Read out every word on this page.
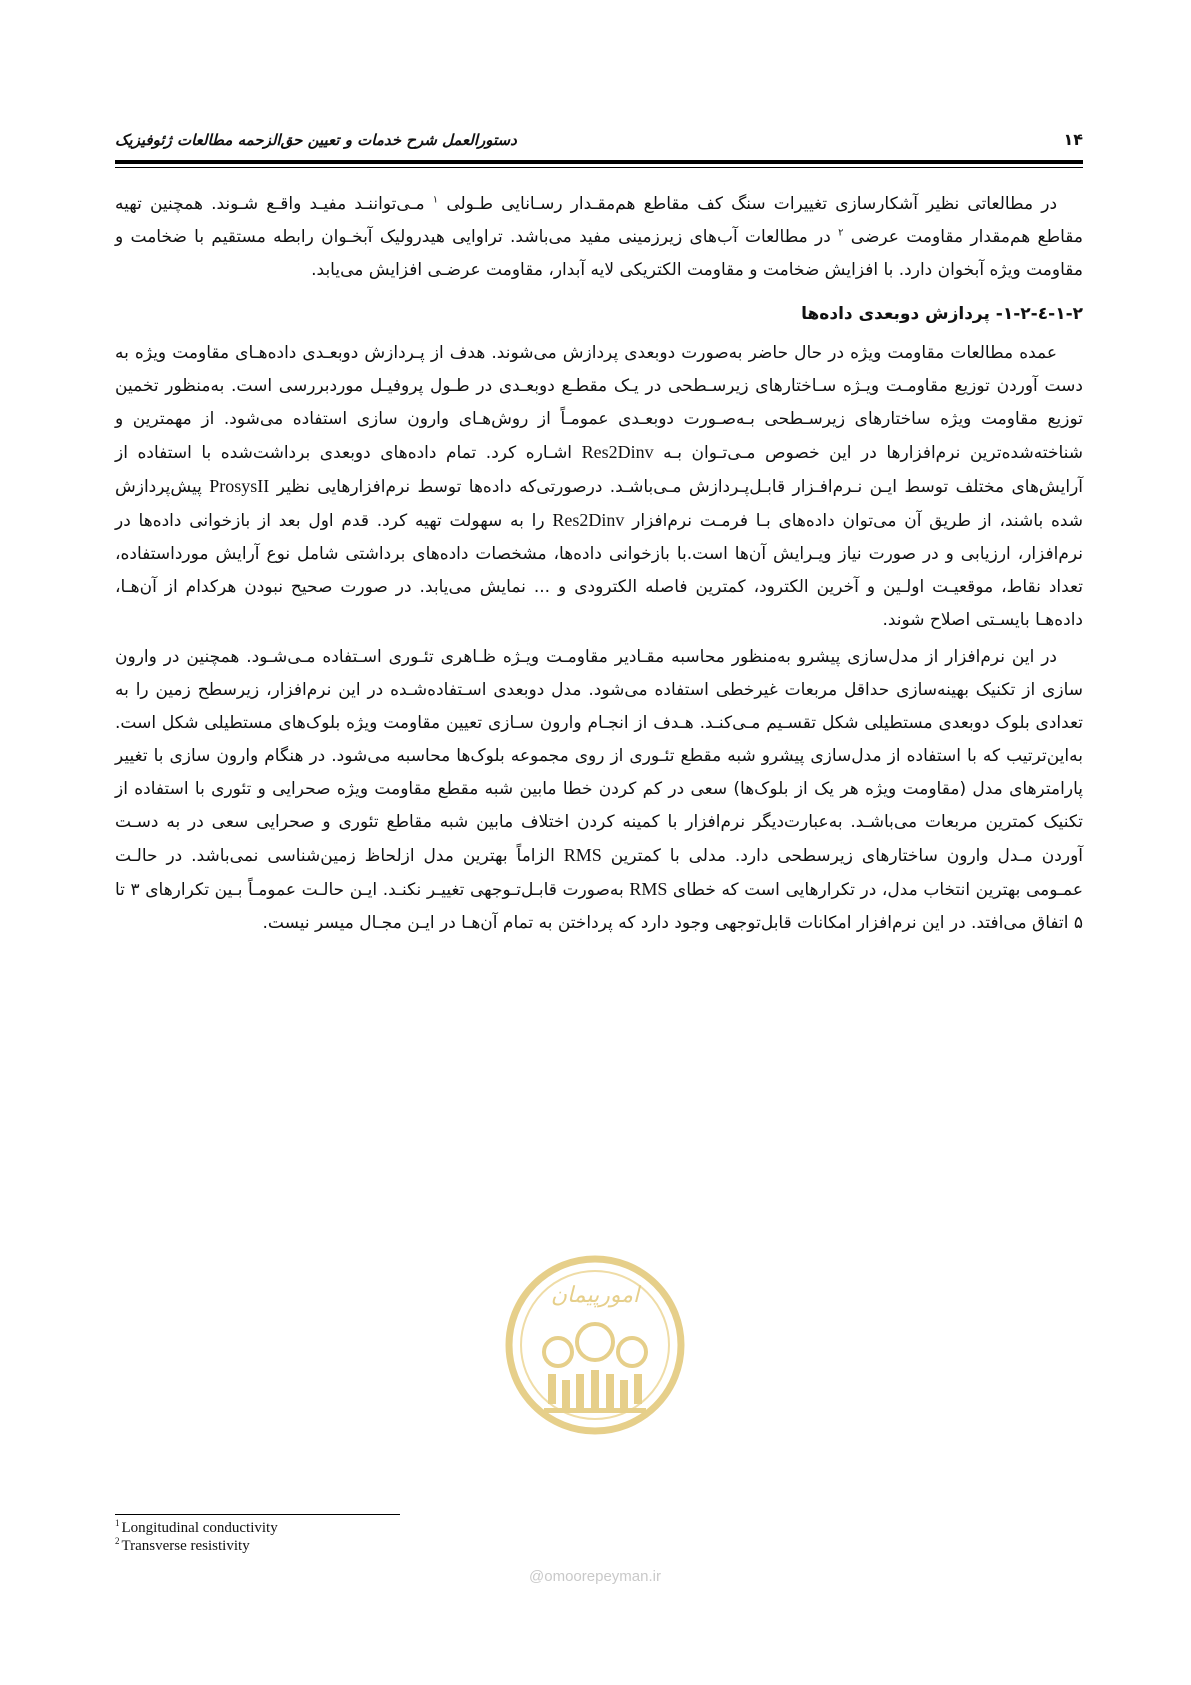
۱۴
دستورالعمل شرح خدمات و تعیین حق‌الزحمه مطالعات ژئوفیزیک

در مطالعاتی نظیر آشکارسازی تغییرات سنگ کف مقاطع هم‌مقـدار رسـانایی طـولی $^۱$ مـی‌تواننـد مفیـد واقـع شـوند. همچنین تهیه مقاطع هم‌مقدار مقاومت عرضی $^۲$ در مطالعات آب‌های زیرزمینی مفید می‌باشد. تراوایی هیدرولیک آبخـوان رابطه مستقیم با ضخامت و مقاومت ویژه آبخوان دارد. با افزایش ضخامت و مقاومت الکتریکی لایه آبدار، مقاومت عرضـی افزایش می‌یابد.

۱-۲-٤-۱-۲- پردازش دوبعدی داده‌ها

عمده مطالعات مقاومت ویژه در حال حاضر به‌صورت دوبعدی پردازش می‌شوند. هدف از پـردازش دوبعـدی داده‌هـای مقاومت ویژه به دست آوردن توزیع مقاومـت ویـژه سـاختارهای زیرسـطحی در یـک مقطـع دوبعـدی در طـول پروفیـل موردبررسی است. به‌منظور تخمین توزیع مقاومت ویژه ساختارهای زیرسـطحی بـه‌صـورت دوبعـدی عمومـاً از روش‌هـای وارون سازی استفاده می‌شود. از مهمترین و شناخته‌شده‌ترین نرم‌افزارها در این خصوص مـی‌تـوان بـه Res2Dinv اشـاره کرد. تمام داده‌های دوبعدی برداشت‌شده با استفاده از آرایش‌های مختلف توسط ایـن نـرم‌افـزار قابـل‌پـردازش مـی‌باشـد. درصورتی‌که داده‌ها توسط نرم‌افزارهایی نظیر ProsysII پیش‌پردازش شده باشند، از طریق آن می‌توان داده‌های بـا فرمـت نرم‌افزار Res2Dinv را به سهولت تهیه کرد. قدم اول بعد از بازخوانی داده‌ها در نرم‌افزار، ارزیابی و در صورت نیاز ویـرایش آن‌ها است.با بازخوانی داده‌ها، مشخصات داده‌های برداشتی شامل نوع آرایش مورداستفاده، تعداد نقاط، موقعیـت اولـین و آخرین الکترود، کمترین فاصله الکترودی و ... نمایش می‌یابد. در صورت صحیح نبودن هرکدام از آن‌هـا، داده‌هـا بایسـتی اصلاح شوند.

در این نرم‌افزار از مدل‌سازی پیشرو به‌منظور محاسبه مقـادیر مقاومـت ویـژه ظـاهری تئـوری اسـتفاده مـی‌شـود. همچنین در وارون سازی از تکنیک بهینه‌سازی حداقل مربعات غیرخطی استفاده می‌شود. مدل دوبعدی اسـتفاده‌شـده در این نرم‌افزار، زیرسطح زمین را به تعدادی بلوک دوبعدی مستطیلی شکل تقسـیم مـی‌کنـد. هـدف از انجـام وارون سـازی تعیین مقاومت ویژه بلوک‌های مستطیلی شکل است. به‌این‌ترتیب که با استفاده از مدل‌سازی پیشرو شبه مقطع تئـوری از روی مجموعه بلوک‌ها محاسبه می‌شود. در هنگام وارون سازی با تغییر پارامترهای مدل (مقاومت ویژه هر یک از بلوک‌ها) سعی در کم کردن خطا مابین شبه مقطع مقاومت ویژه صحرایی و تئوری با استفاده از تکنیک کمترین مربعات می‌باشـد. به‌عبارت‌دیگر نرم‌افزار با کمینه کردن اختلاف مابین شبه مقاطع تئوری و صحرایی سعی در به دسـت آوردن مـدل وارون ساختارهای زیرسطحی دارد. مدلی با کمترین RMS الزاماً بهترین مدل ازلحاظ زمین‌شناسی نمی‌باشد. در حالـت عمـومی بهترین انتخاب مدل، در تکرارهایی است که خطای RMS به‌صورت قابـل‌تـوجهی تغییـر نکنـد. ایـن حالـت عمومـاً بـین تکرارهای ۳ تا ۵ اتفاق می‌افتد. در این نرم‌افزار امکانات قابل‌توجهی وجود دارد که پرداختن به تمام آن‌هـا در ایـن مجـال میسر نیست.

امورپیمان
@omoorepeyman.ir
$^1$ Longitudinal conductivity
$^2$ Transverse resistivity
